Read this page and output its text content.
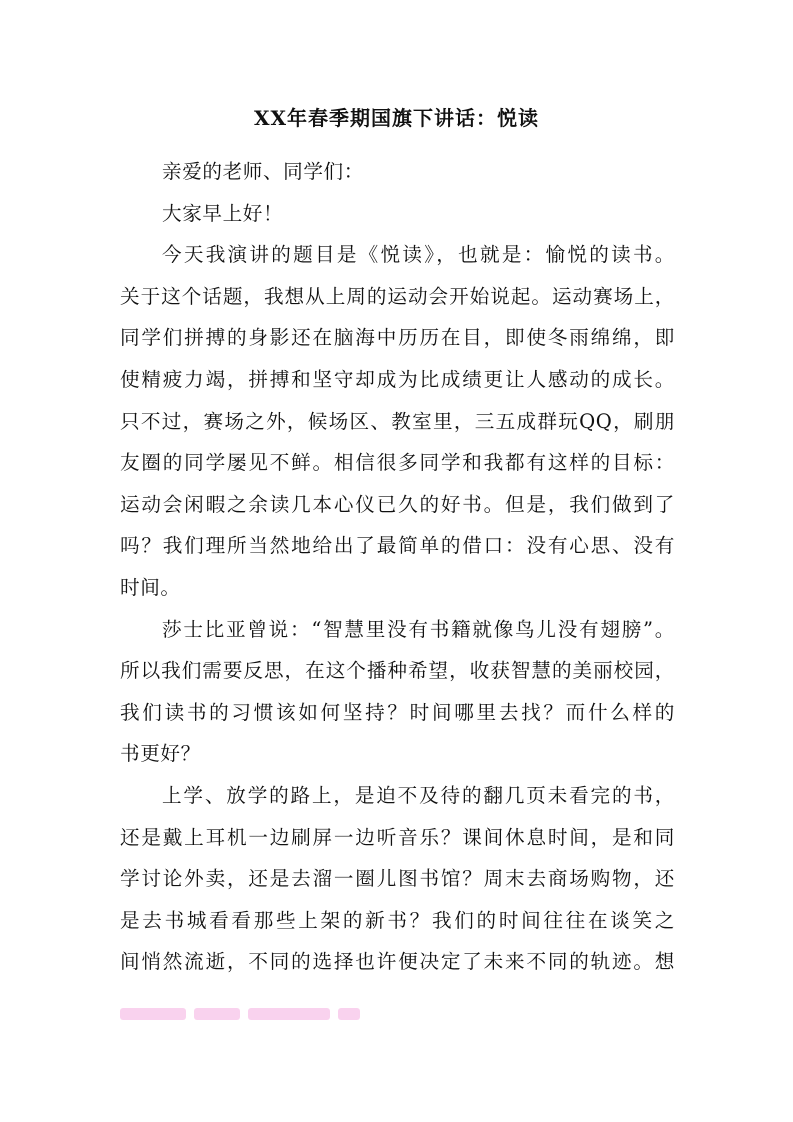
XX年春季期国旗下讲话：悦读
亲爱的老师、同学们：
大家早上好！
今天我演讲的题目是《悦读》，也就是：愉悦的读书。
关于这个话题，我想从上周的运动会开始说起。运动赛场上，
同学们拼搏的身影还在脑海中历历在目，即使冬雨绵绵，即
使精疲力竭，拼搏和坚守却成为比成绩更让人感动的成长。
只不过，赛场之外，候场区、教室里，三五成群玩QQ，刷朋
友圈的同学屡见不鲜。相信很多同学和我都有这样的目标：
运动会闲暇之余读几本心仪已久的好书。但是，我们做到了
吗？我们理所当然地给出了最简单的借口：没有心思、没有
时间。
莎士比亚曾说：“智慧里没有书籍就像鸟儿没有翅膀”。
所以我们需要反思，在这个播种希望，收获智慧的美丽校园，
我们读书的习惯该如何坚持？时间哪里去找？而什么样的
书更好？
上学、放学的路上，是迫不及待的翻几页未看完的书，
还是戴上耳机一边刷屏一边听音乐？课间休息时间，是和同
学讨论外卖，还是去溜一圈儿图书馆？周末去商场购物，还
是去书城看看那些上架的新书？我们的时间往往在谈笑之
间悄然流逝，不同的选择也许便决定了未来不同的轨迹。想
